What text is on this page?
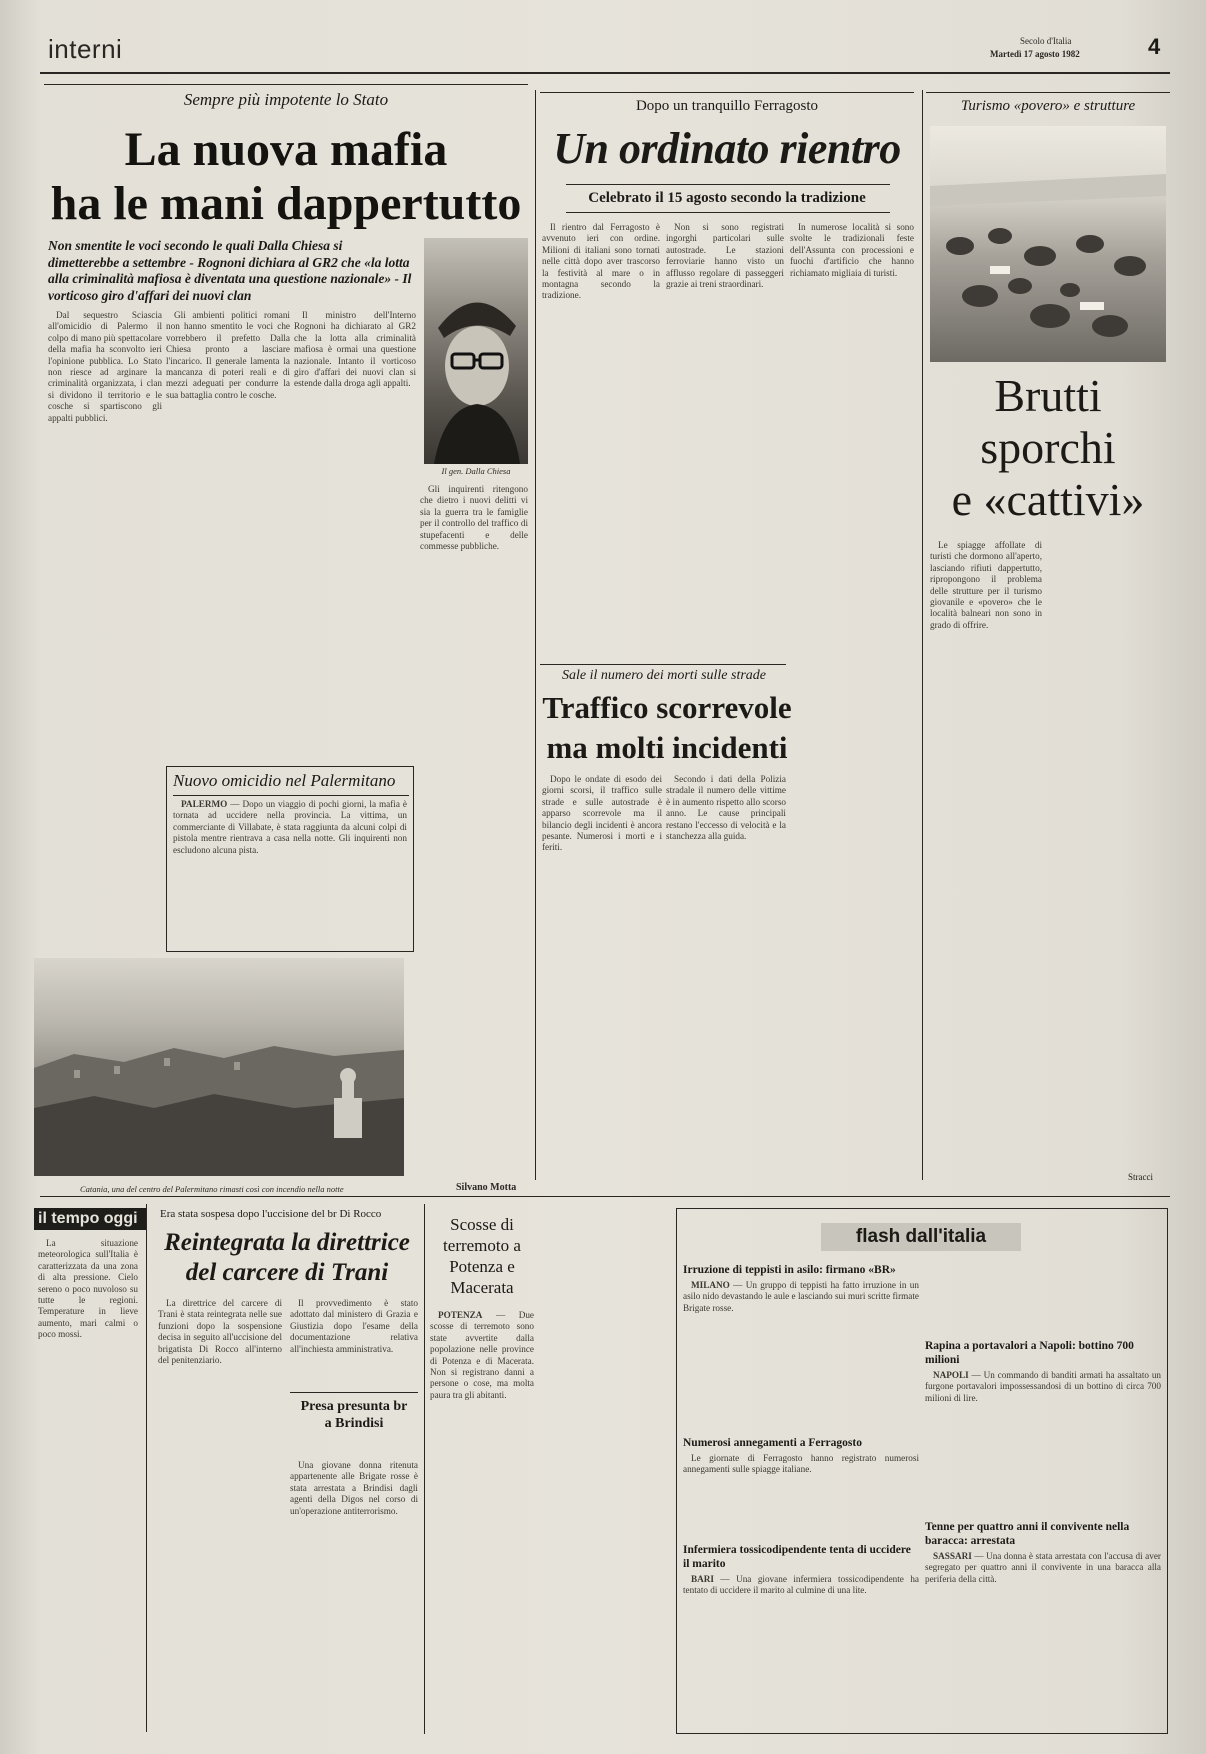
interni	Secolo d'Italia
Martedì 17 agosto 1982	4
Sempre più impotente lo Stato
La nuova mafia
ha le mani dappertutto
Non smentite le voci secondo le quali Dalla Chiesa si dimetterebbe a settembre - Rognoni dichiara al GR2 che «la lotta alla criminalità mafiosa è diventata una questione nazionale» - Il vorticoso giro d'affari dei nuovi clan
Il gen. Dalla Chiesa

Dal sequestro Sciascia all'omicidio di Palermo il colpo di mano più spettacolare della mafia ha sconvolto ieri l'opinione pubblica. Lo Stato non riesce ad arginare la criminalità organizzata, i clan si dividono il territorio e le cosche si spartiscono gli appalti pubblici.

Gli ambienti politici romani non hanno smentito le voci che vorrebbero il prefetto Dalla Chiesa pronto a lasciare l'incarico. Il generale lamenta la mancanza di poteri reali e di mezzi adeguati per condurre la sua battaglia contro le cosche.

Il ministro dell'Interno Rognoni ha dichiarato al GR2 che la lotta alla criminalità mafiosa è ormai una questione nazionale. Intanto il vorticoso giro d'affari dei nuovi clan si estende dalla droga agli appalti.

Gli inquirenti ritengono che dietro i nuovi delitti vi sia la guerra tra le famiglie per il controllo del traffico di stupefacenti e delle commesse pubbliche.

Nuovo omicidio nel Palermitano

PALERMO — Dopo un viaggio di pochi giorni, la mafia è tornata ad uccidere nella provincia. La vittima, un commerciante di Villabate, è stata raggiunta da alcuni colpi di pistola mentre rientrava a casa nella notte. Gli inquirenti non escludono alcuna pista.

Catania, una del centro del Palermitano rimasti così con incendio nella notte	Silvano Motta
Dopo un tranquillo Ferragosto
Un ordinato rientro
Celebrato il 15 agosto secondo la tradizione

Il rientro dal Ferragosto è avvenuto ieri con ordine. Milioni di italiani sono tornati nelle città dopo aver trascorso la festività al mare o in montagna secondo la tradizione.

Non si sono registrati ingorghi particolari sulle autostrade. Le stazioni ferroviarie hanno visto un afflusso regolare di passeggeri grazie ai treni straordinari.

In numerose località si sono svolte le tradizionali feste dell'Assunta con processioni e fuochi d'artificio che hanno richiamato migliaia di turisti.

Sale il numero dei morti sulle strade
Traffico scorrevole
ma molti incidenti

Dopo le ondate di esodo dei giorni scorsi, il traffico sulle strade e sulle autostrade è apparso scorrevole ma il bilancio degli incidenti è ancora pesante. Numerosi i morti e i feriti.

Secondo i dati della Polizia stradale il numero delle vittime è in aumento rispetto allo scorso anno. Le cause principali restano l'eccesso di velocità e la stanchezza alla guida.

Turismo «povero» e strutture
Brutti
sporchi
e «cattivi»

Le spiagge affollate di turisti che dormono all'aperto, lasciando rifiuti dappertutto, ripropongono il problema delle strutture per il turismo giovanile e «povero» che le località balneari non sono in grado di offrire.

Stracci
il tempo oggi

La situazione meteorologica sull'Italia è caratterizzata da una zona di alta pressione. Cielo sereno o poco nuvoloso su tutte le regioni. Temperature in lieve aumento, mari calmi o poco mossi.

Era stata sospesa dopo l'uccisione del br Di Rocco
Reintegrata la direttrice
del carcere di Trani

La direttrice del carcere di Trani è stata reintegrata nelle sue funzioni dopo la sospensione decisa in seguito all'uccisione del brigatista Di Rocco all'interno del penitenziario.

Il provvedimento è stato adottato dal ministero di Grazia e Giustizia dopo l'esame della documentazione relativa all'inchiesta amministrativa.

Presa presunta br a Brindisi

Una giovane donna ritenuta appartenente alle Brigate rosse è stata arrestata a Brindisi dagli agenti della Digos nel corso di un'operazione antiterrorismo.

Scosse di terremoto a Potenza e Macerata

POTENZA — Due scosse di terremoto sono state avvertite dalla popolazione nelle province di Potenza e di Macerata. Non si registrano danni a persone o cose, ma molta paura tra gli abitanti.

flash dall'italia
Irruzione di teppisti in asilo: firmano «BR»

MILANO — Un gruppo di teppisti ha fatto irruzione in un asilo nido devastando le aule e lasciando sui muri scritte firmate Brigate rosse.

Numerosi annegamenti a Ferragosto

Le giornate di Ferragosto hanno registrato numerosi annegamenti sulle spiagge italiane.

Infermiera tossicodipendente tenta di uccidere il marito

BARI — Una giovane infermiera tossicodipendente ha tentato di uccidere il marito al culmine di una lite.

Rapina a portavalori a Napoli: bottino 700 milioni

NAPOLI — Un commando di banditi armati ha assaltato un furgone portavalori impossessandosi di un bottino di circa 700 milioni di lire.

Tenne per quattro anni il convivente nella baracca: arrestata

SASSARI — Una donna è stata arrestata con l'accusa di aver segregato per quattro anni il convivente in una baracca alla periferia della città.
